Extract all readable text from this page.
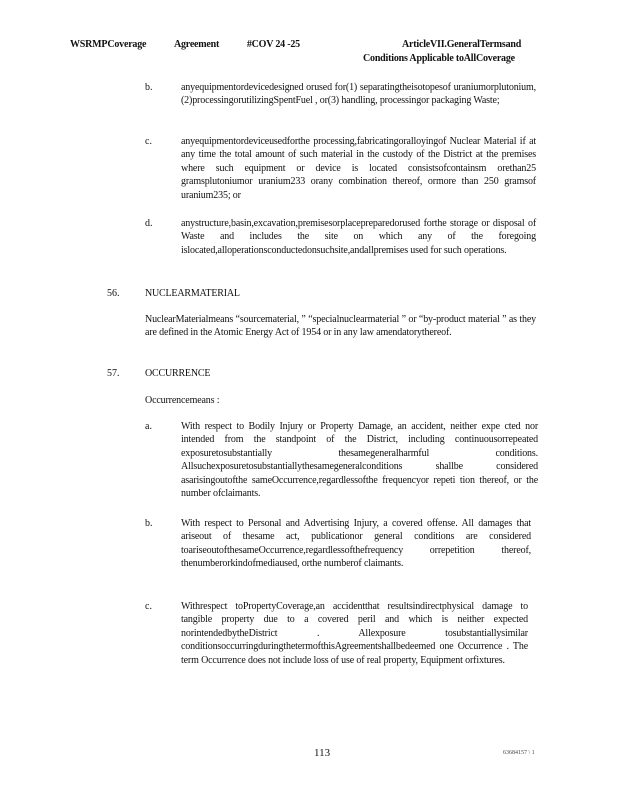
WSRMPCoverage	Agreement	#COV 24 -25	ArticleVII.GeneralTermsand
Conditions Applicable toAllCoverage
b.	anyequipmentordevicedesigned orused for(1) separatingtheisotopesof uraniumorplutonium,(2)processingorutilizingSpentFuel , or(3) handling, processingor packaging Waste;
c.	anyequipmentordeviceusedforthe processing,fabricatingoralloyingof Nuclear Material if at any time the total amount of such material in the custody of the District at the premises where such equipment or device is located consistsofcontainsm orethan25 gramsplutoniumor uranium233 orany combination thereof, ormore than 250 gramsof uranium235; or
d.	anystructure,basin,excavation,premisesorplacepreparedorused forthe storage or disposal of Waste and includes the site on which any of the foregoing islocated,alloperationsconductedonsuchsite,andallpremises used for such operations.
56.	NUCLEARMATERIAL
NuclearMaterialmeans “sourcematerial, ” “specialnuclearmaterial ” or “by-product material ” as they are defined in the Atomic Energy Act of 1954 or in any law amendatorythereof.
57.	OCCURRENCE
Occurrencemeans :
a.	With respect to Bodily Injury or Property Damage, an accident, neither expe cted nor intended from the standpoint of the District, including continuousorrepeated exposuretosubstantially thesamegeneralharmful conditions. Allsuchexposuretosubstantiallythesamegeneralconditions shallbe considered asarisingoutofthe sameOccurrence,regardlessofthe frequencyor repeti tion thereof, or the number ofclaimants.
b.	With respect to Personal and Advertising Injury, a covered offense. All damages that ariseout of thesame act, publicationor general conditions are considered toariseoutofthesameOccurrence,regardlessofthefrequency orrepetition thereof, thenumberorkindofmediaused, orthe numberof claimants.
c.	Withrespect toPropertyCoverage,an accidentthat resultsindirectphysical damage to tangible property due to a covered peril and which is neither expected norintendedbytheDistrict . Allexposure tosubstantiallysimilar conditionsoccurringduringthetermofthisAgreementshallbedeemed one Occurrence . The term Occurrence does not include loss of use of real property, Equipment orfixtures.
113	63684157 \ 1
